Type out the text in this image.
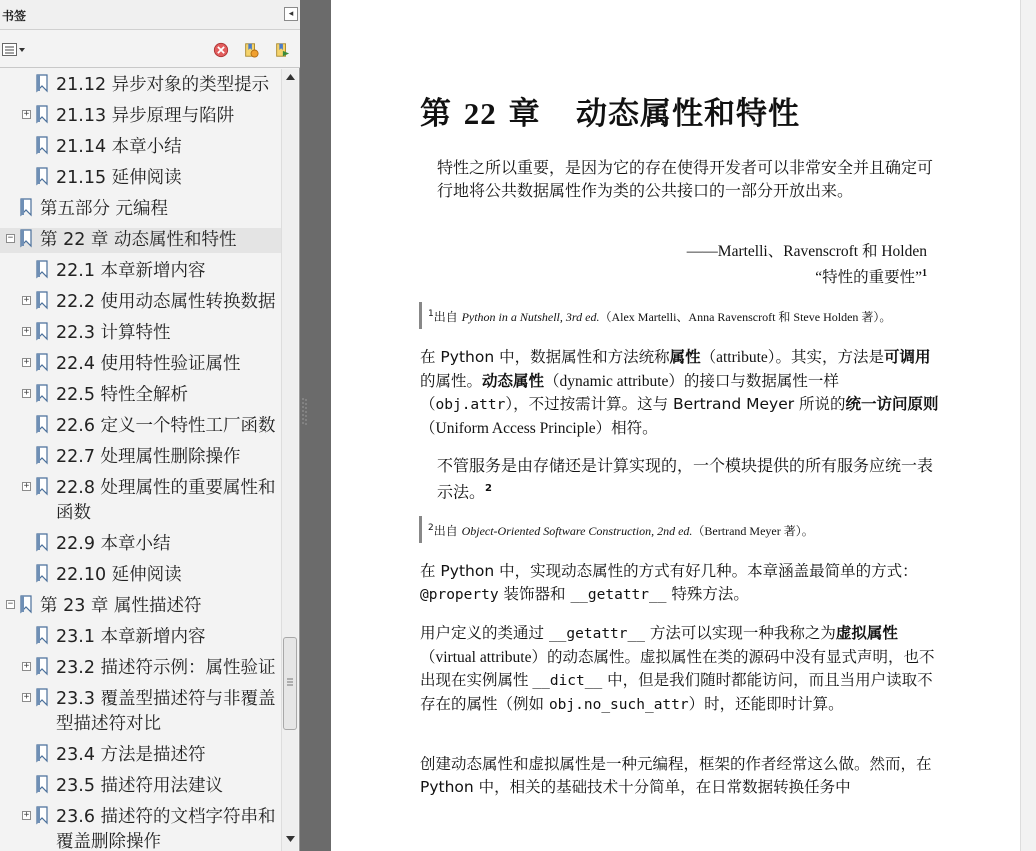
书签	◂
21.12 异步对象的类型提示
+ 21.13 异步原理与陷阱
21.14 本章小结
21.15 延伸阅读
第五部分 元编程
− 第 22 章 动态属性和特性
22.1 本章新增内容
+ 22.2 使用动态属性转换数据
+ 22.3 计算特性
+ 22.4 使用特性验证属性
+ 22.5 特性全解析
22.6 定义一个特性工厂函数
22.7 处理属性删除操作
+ 22.8 处理属性的重要属性和
函数
22.9 本章小结
22.10 延伸阅读
− 第 23 章 属性描述符
23.1 本章新增内容
+ 23.2 描述符示例：属性验证
+ 23.3 覆盖型描述符与非覆盖
型描述符对比
23.4 方法是描述符
23.5 描述符用法建议
+ 23.6 描述符的文档字符串和
覆盖删除操作
第 22 章 动态属性和特性
特性之所以重要，是因为它的存在使得开发者可以非常安全并且确定可行地将公共数据属性作为类的公共接口的一部分开放出来。
——Martelli、Ravenscroft 和 Holden
“特性的重要性”$^1$
$^1$出自 Python in a Nutshell, 3rd ed.（Alex Martelli、Anna Ravenscroft 和 Steve Holden 著）。

在 Python 中，数据属性和方法统称属性（attribute）。其实，方法是可调用的属性。动态属性（dynamic attribute）的接口与数据属性一样（obj.attr），不过按需计算。这与 Bertrand Meyer 所说的统一访问原则（Uniform Access Principle）相符。

不管服务是由存储还是计算实现的，一个模块提供的所有服务应统一表示法。$^2$
$^2$出自 Object-Oriented Software Construction, 2nd ed.（Bertrand Meyer 著）。

在 Python 中，实现动态属性的方式有好几种。本章涵盖最简单的方式：@property 装饰器和 __getattr__ 特殊方法。

用户定义的类通过 __getattr__ 方法可以实现一种我称之为虚拟属性（virtual attribute）的动态属性。虚拟属性在类的源码中没有显式声明，也不出现在实例属性 __dict__ 中，但是我们随时都能访问，而且当用户读取不存在的属性（例如 obj.no_such_attr）时，还能即时计算。

创建动态属性和虚拟属性是一种元编程，框架的作者经常这么做。然而，在 Python 中，相关的基础技术十分简单，在日常数据转换任务中
